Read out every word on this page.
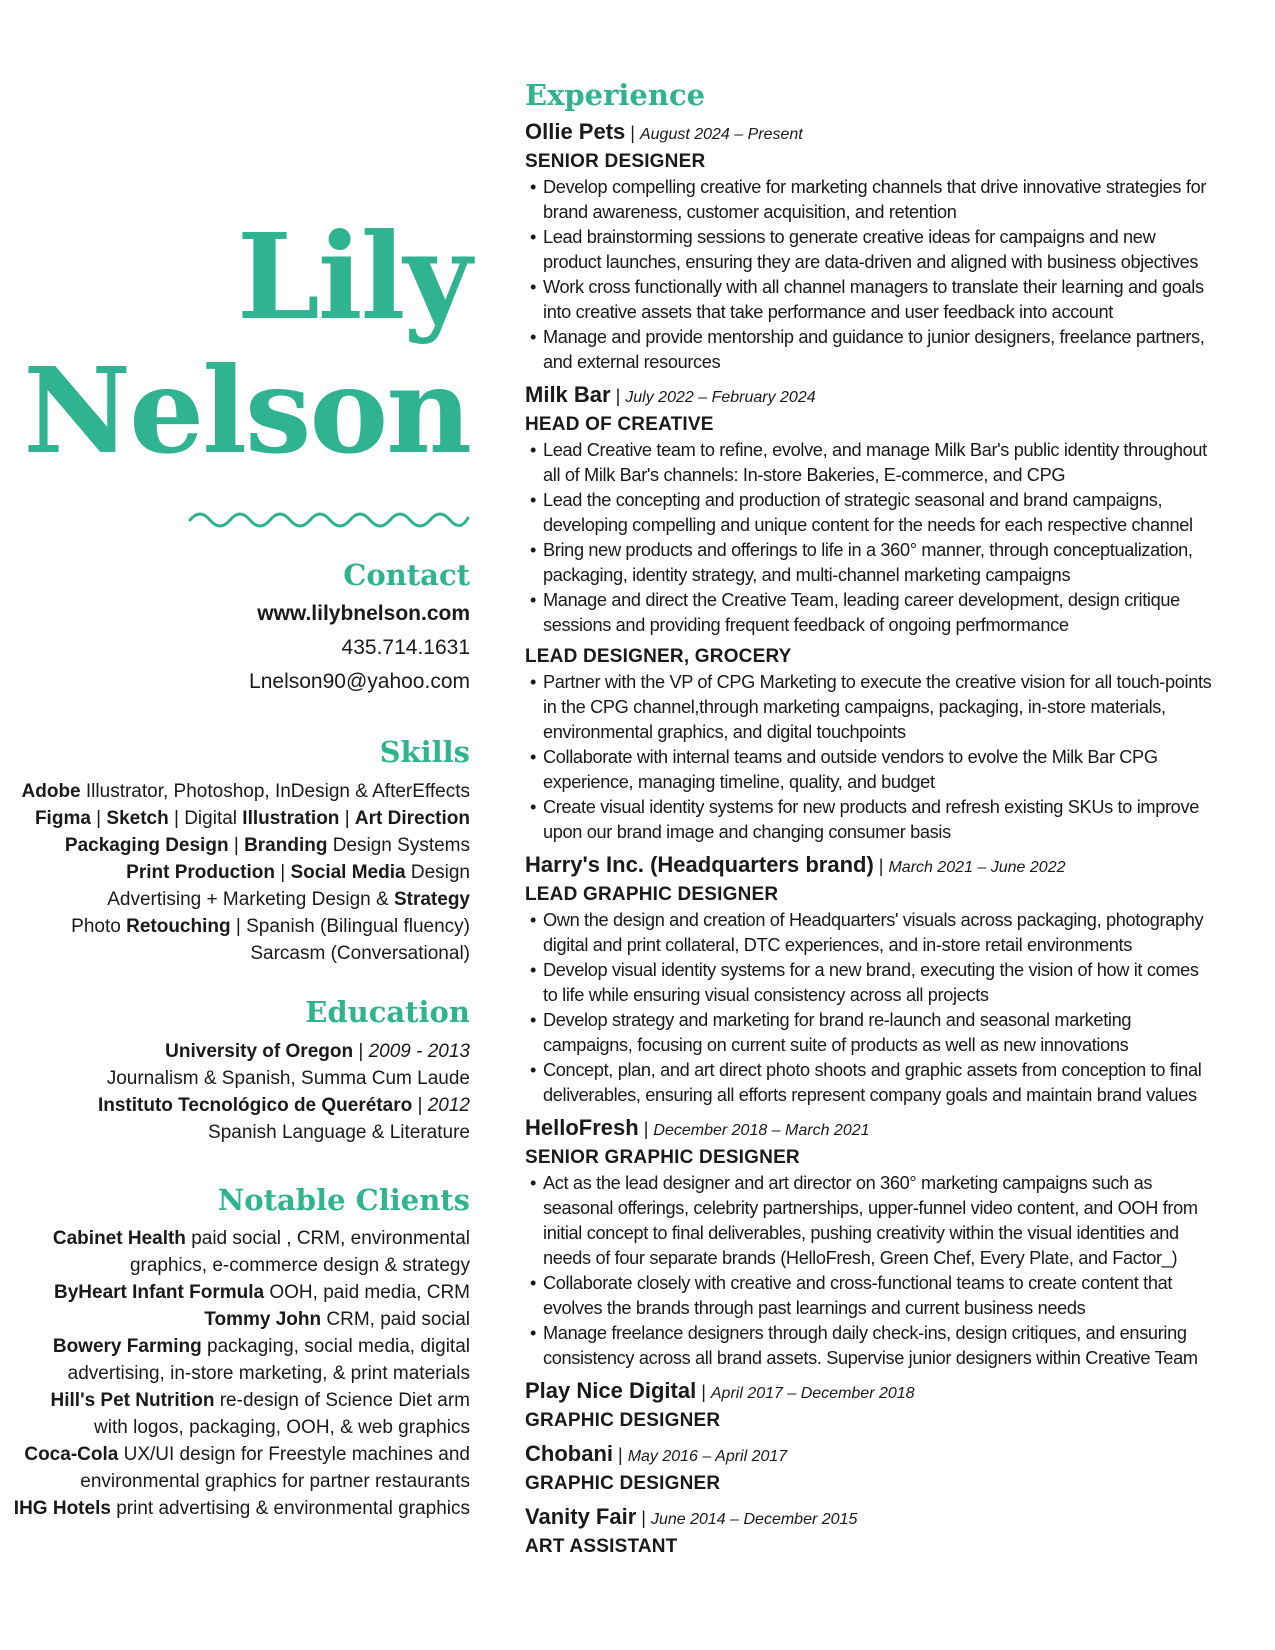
Lily
Nelson
Contact
www.lilybnelson.com
435.714.1631
Lnelson90@yahoo.com
Skills
Adobe Illustrator, Photoshop, InDesign & AfterEffects
Figma | Sketch | Digital Illustration | Art Direction
Packaging Design | Branding Design Systems
Print Production | Social Media Design
Advertising + Marketing Design & Strategy
Photo Retouching | Spanish (Bilingual fluency)
Sarcasm (Conversational)
Education
University of Oregon | 2009 - 2013
Journalism & Spanish, Summa Cum Laude
Instituto Tecnológico de Querétaro | 2012
Spanish Language & Literature
Notable Clients
Cabinet Health paid social , CRM, environmental
graphics, e-commerce design & strategy
ByHeart Infant Formula OOH, paid media, CRM
Tommy John CRM, paid social
Bowery Farming packaging, social media, digital
advertising, in-store marketing, & print materials
Hill's Pet Nutrition re-design of Science Diet arm
with logos, packaging, OOH, & web graphics
Coca-Cola UX/UI design for Freestyle machines and
environmental graphics for partner restaurants
IHG Hotels print advertising & environmental graphics
Experience
Ollie Pets | August 2024 – Present
SENIOR DESIGNER
• Develop compelling creative for marketing channels that drive innovative strategies for brand awareness, customer acquisition, and retention
• Lead brainstorming sessions to generate creative ideas for campaigns and new product launches, ensuring they are data-driven and aligned with business objectives
• Work cross functionally with all channel managers to translate their learning and goals into creative assets that take performance and user feedback into account
• Manage and provide mentorship and guidance to junior designers, freelance partners, and external resources
Milk Bar | July 2022 – February 2024
HEAD OF CREATIVE
• Lead Creative team to refine, evolve, and manage Milk Bar's public identity throughout all of Milk Bar's channels: In-store Bakeries, E-commerce, and CPG
• Lead the concepting and production of strategic seasonal and brand campaigns, developing compelling and unique content for the needs for each respective channel
• Bring new products and offerings to life in a 360° manner, through conceptualization, packaging, identity strategy, and multi-channel marketing campaigns
• Manage and direct the Creative Team, leading career development, design critique sessions and providing frequent feedback of ongoing perfmormance
LEAD DESIGNER, GROCERY
• Partner with the VP of CPG Marketing to execute the creative vision for all touch-points in the CPG channel,through marketing campaigns, packaging, in-store materials, environmental graphics, and digital touchpoints
• Collaborate with internal teams and outside vendors to evolve the Milk Bar CPG experience, managing timeline, quality, and budget
• Create visual identity systems for new products and refresh existing SKUs to improve upon our brand image and changing consumer basis
Harry's Inc. (Headquarters brand) | March 2021 – June 2022
LEAD GRAPHIC DESIGNER
• Own the design and creation of Headquarters' visuals across packaging, photography digital and print collateral, DTC experiences, and in-store retail environments
• Develop visual identity systems for a new brand, executing the vision of how it comes to life while ensuring visual consistency across all projects
• Develop strategy and marketing for brand re-launch and seasonal marketing campaigns, focusing on current suite of products as well as new innovations
• Concept, plan, and art direct photo shoots and graphic assets from conception to final deliverables, ensuring all efforts represent company goals and maintain brand values
HelloFresh | December 2018 – March 2021
SENIOR GRAPHIC DESIGNER
• Act as the lead designer and art director on 360° marketing campaigns such as seasonal offerings, celebrity partnerships, upper-funnel video content, and OOH from initial concept to final deliverables, pushing creativity within the visual identities and needs of four separate brands (HelloFresh, Green Chef, Every Plate, and Factor_)
• Collaborate closely with creative and cross-functional teams to create content that evolves the brands through past learnings and current business needs
• Manage freelance designers through daily check-ins, design critiques, and ensuring consistency across all brand assets. Supervise junior designers within Creative Team
Play Nice Digital | April 2017 – December 2018
GRAPHIC DESIGNER
Chobani | May 2016 – April 2017
GRAPHIC DESIGNER
Vanity Fair | June 2014 – December 2015
ART ASSISTANT
